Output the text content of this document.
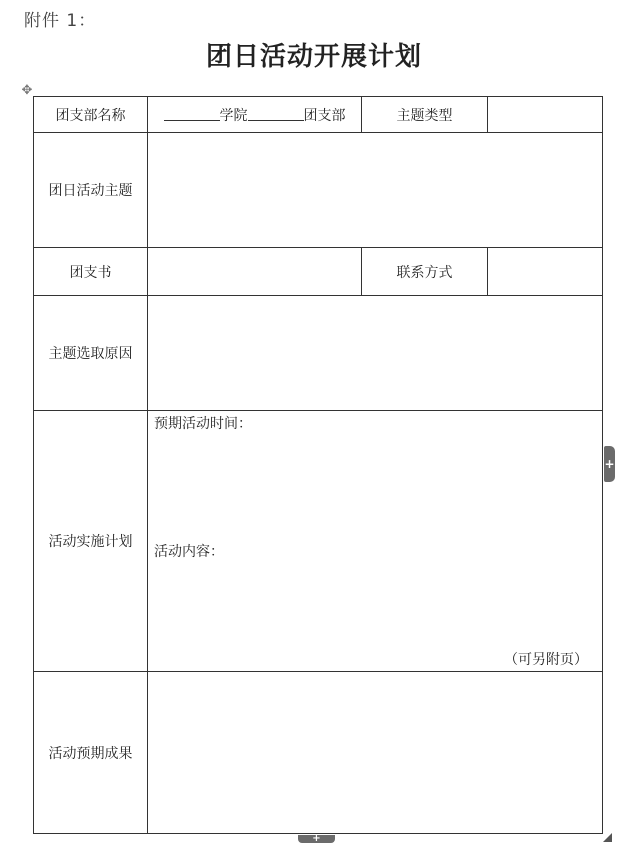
附件 1：
团日活动开展计划
✥
团支部名称	学院 团支部	主题类型	
团日活动主题			
团支书		联系方式	
主题选取原因			
活动实施计划	预期活动时间：
活动内容：
（可另附页）		

活动预期成果			
+
+
